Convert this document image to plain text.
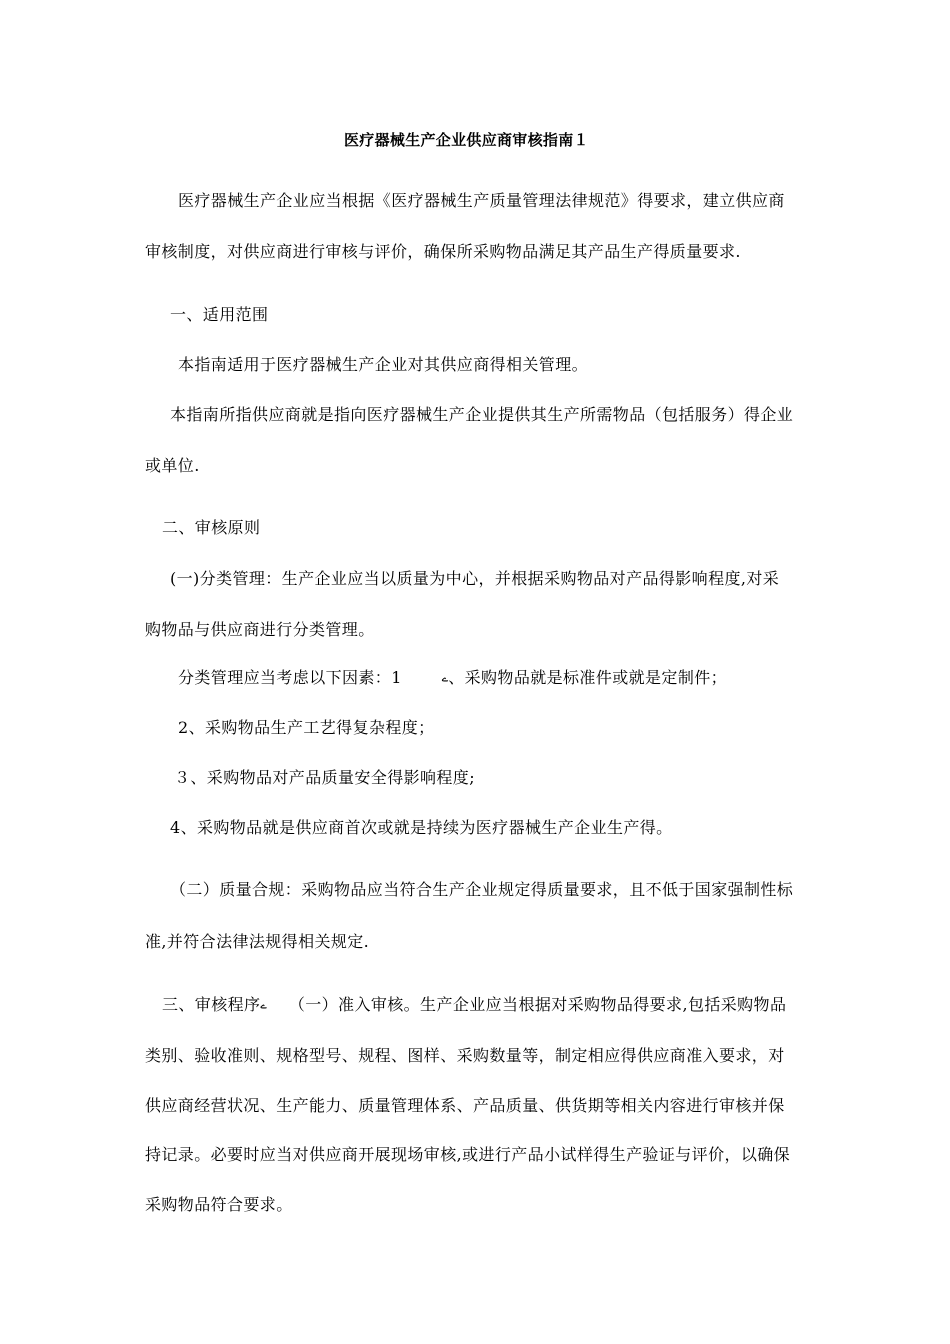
医疗器械生产企业供应商审核指南１
医疗器械生产企业应当根据《医疗器械生产质量管理法律规范》得要求，建立供应商
审核制度，对供应商进行审核与评价，确保所采购物品满足其产品生产得质量要求.
一、适用范围
本指南适用于医疗器械生产企业对其供应商得相关管理。
本指南所指供应商就是指向医疗器械生产企业提供其生产所需物品（包括服务）得企业
或单位.
二、审核原则
(一)分类管理：生产企业应当以质量为中心，并根据采购物品对产品得影响程度,对采
购物品与供应商进行分类管理。
分类管理应当考虑以下因素：1	ے、采购物品就是标准件或就是定制件；
2、采购物品生产工艺得复杂程度；
３、采购物品对产品质量安全得影响程度;
4、采购物品就是供应商首次或就是持续为医疗器械生产企业生产得。
（二）质量合规：采购物品应当符合生产企业规定得质量要求，且不低于国家强制性标
准,并符合法律法规得相关规定.
三、审核程序ے （一）准入审核。生产企业应当根据对采购物品得要求,包括采购物品
类别、验收准则、规格型号、规程、图样、采购数量等，制定相应得供应商准入要求，对
供应商经营状况、生产能力、质量管理体系、产品质量、供货期等相关内容进行审核并保
持记录。必要时应当对供应商开展现场审核,或进行产品小试样得生产验证与评价，以确保
采购物品符合要求。
